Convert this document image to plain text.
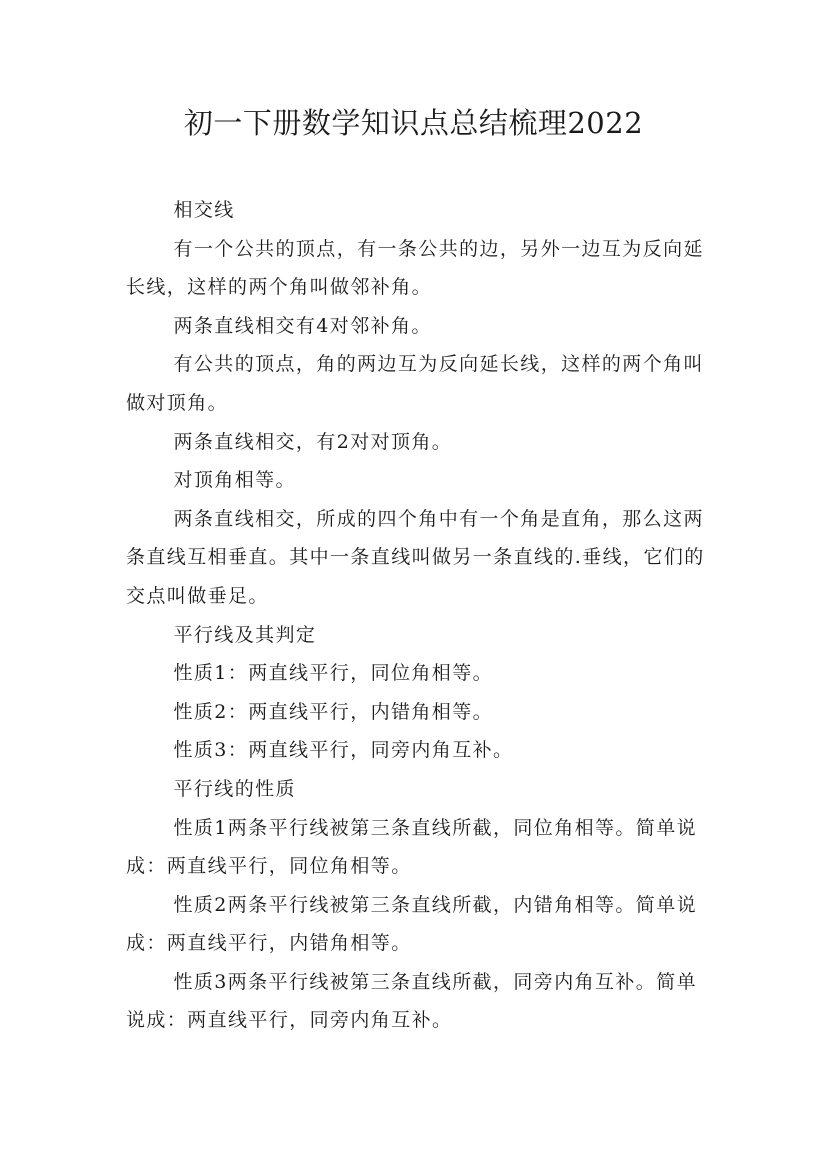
初一下册数学知识点总结梳理2022

相交线

有一个公共的顶点，有一条公共的边，另外一边互为反向延长线，这样的两个角叫做邻补角。

两条直线相交有4对邻补角。

有公共的顶点，角的两边互为反向延长线，这样的两个角叫做对顶角。

两条直线相交，有2对对顶角。

对顶角相等。

两条直线相交，所成的四个角中有一个角是直角，那么这两条直线互相垂直。其中一条直线叫做另一条直线的.垂线，它们的交点叫做垂足。

平行线及其判定

性质1：两直线平行，同位角相等。

性质2：两直线平行，内错角相等。

性质3：两直线平行，同旁内角互补。

平行线的性质

性质1两条平行线被第三条直线所截，同位角相等。简单说成：两直线平行，同位角相等。

性质2两条平行线被第三条直线所截，内错角相等。简单说成：两直线平行，内错角相等。

性质3两条平行线被第三条直线所截，同旁内角互补。简单说成：两直线平行，同旁内角互补。
